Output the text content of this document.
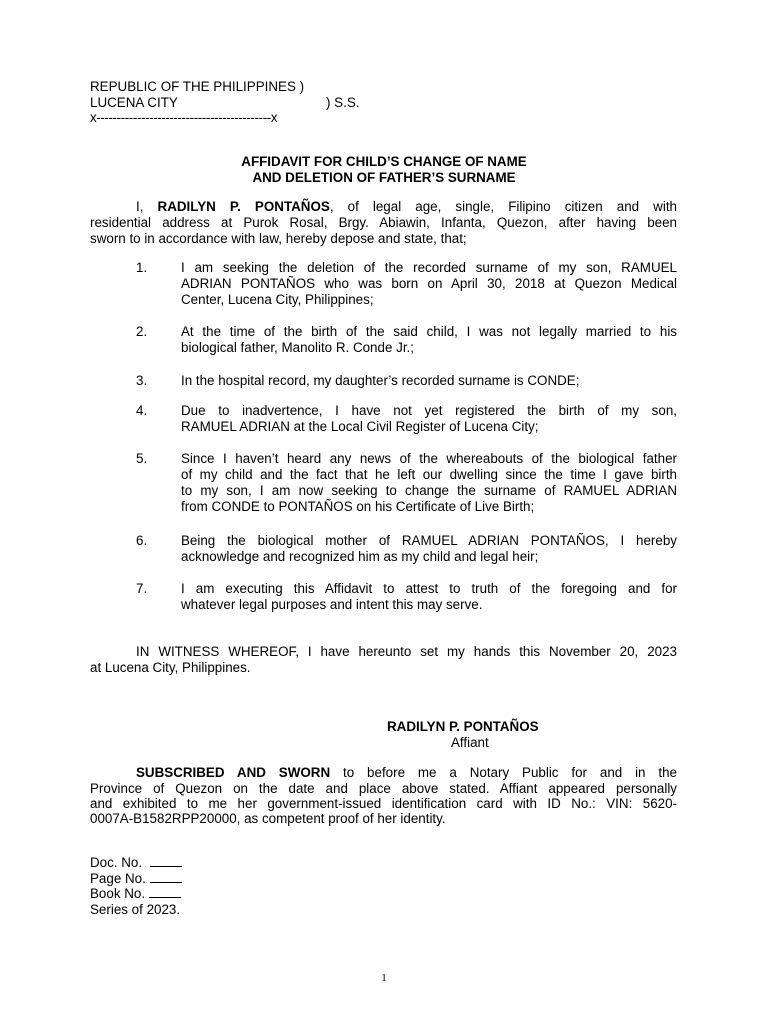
REPUBLIC OF THE PHILIPPINES )
LUCENA CITY	) S.S.
x-------------------------------------------x
AFFIDAVIT FOR CHILD’S CHANGE OF NAME
AND DELETION OF FATHER’S SURNAME
I, RADILYN P. PONTAÑOS, of legal age, single, Filipino citizen and with
residential address at Purok Rosal, Brgy. Abiawin, Infanta, Quezon, after having been
sworn to in accordance with law, hereby depose and state, that;
1.	I am seeking the deletion of the recorded surname of my son, RAMUEL
ADRIAN PONTAÑOS who was born on April 30, 2018 at Quezon Medical
Center, Lucena City, Philippines;
2.	At the time of the birth of the said child, I was not legally married to his
biological father, Manolito R. Conde Jr.;
3.	In the hospital record, my daughter’s recorded surname is CONDE;
4.	Due to inadvertence, I have not yet registered the birth of my son,
RAMUEL ADRIAN at the Local Civil Register of Lucena City;
5.	Since I haven’t heard any news of the whereabouts of the biological father
of my child and the fact that he left our dwelling since the time I gave birth
to my son, I am now seeking to change the surname of RAMUEL ADRIAN
from CONDE to PONTAÑOS on his Certificate of Live Birth;
6.	Being the biological mother of RAMUEL ADRIAN PONTAÑOS, I hereby
acknowledge and recognized him as my child and legal heir;
7.	I am executing this Affidavit to attest to truth of the foregoing and for
whatever legal purposes and intent this may serve.
IN WITNESS WHEREOF, I have hereunto set my hands this November 20, 2023
at Lucena City, Philippines.
RADILYN P. PONTAÑOS
Affiant
SUBSCRIBED AND SWORN to before me a Notary Public for and in the
Province of Quezon on the date and place above stated. Affiant appeared personally
and exhibited to me her government-issued identification card with ID No.: VIN: 5620-
0007A-B1582RPP20000, as competent proof of her identity.
Doc. No.
Page No.
Book No.
Series of 2023.
1
